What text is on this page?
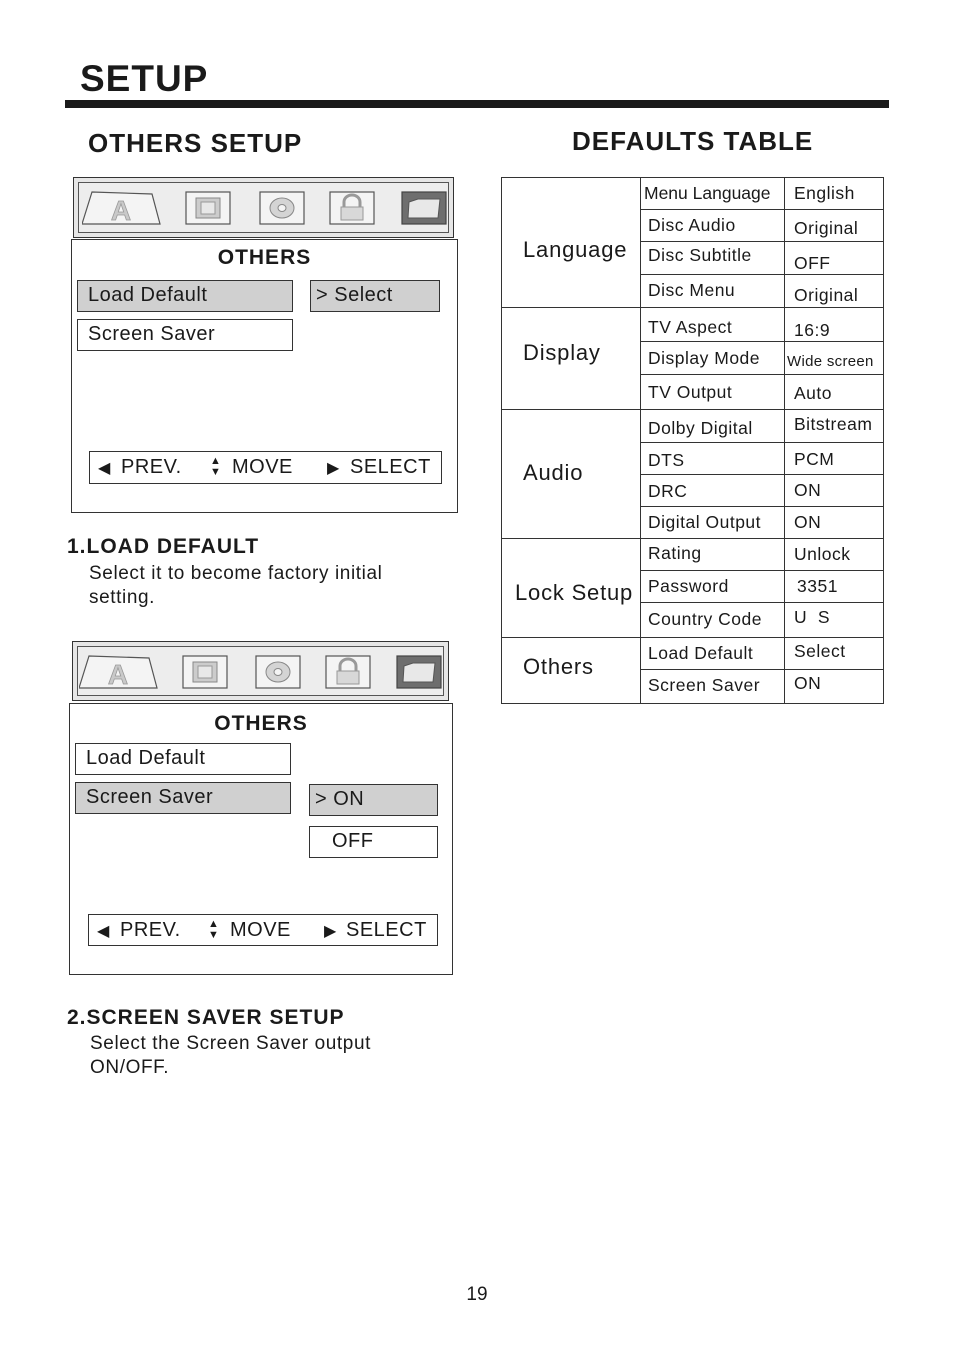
SETUP
OTHERS SETUP
A
OTHERS
Load Default
Screen Saver
> Select
◀ PREV.	▲
▼ MOVE ▶ SELECT
1.LOAD DEFAULT
Select it to become factory initial setting.
A
OTHERS
Load Default
Screen Saver	> ON
OFF
◀ PREV. ▲
▼ MOVE ▶ SELECT
2.SCREEN SAVER SETUP
Select the Screen Saver output ON/OFF.
DEFAULTS TABLE
Language
Menu Language English
Disc Audio	Original
Disc Subtitle OFF
Disc Menu	Original
Display
TV Aspect	16:9
Display Mode Wide screen
TV Output	Auto
Audio
Dolby Digital Bitstream
DTS	PCM
DRC	ON
Digital Output ON
Lock Setup
Rating	Unlock
Password	3351
Country Code U  S
Others
Load Default Select
Screen Saver ON
19
